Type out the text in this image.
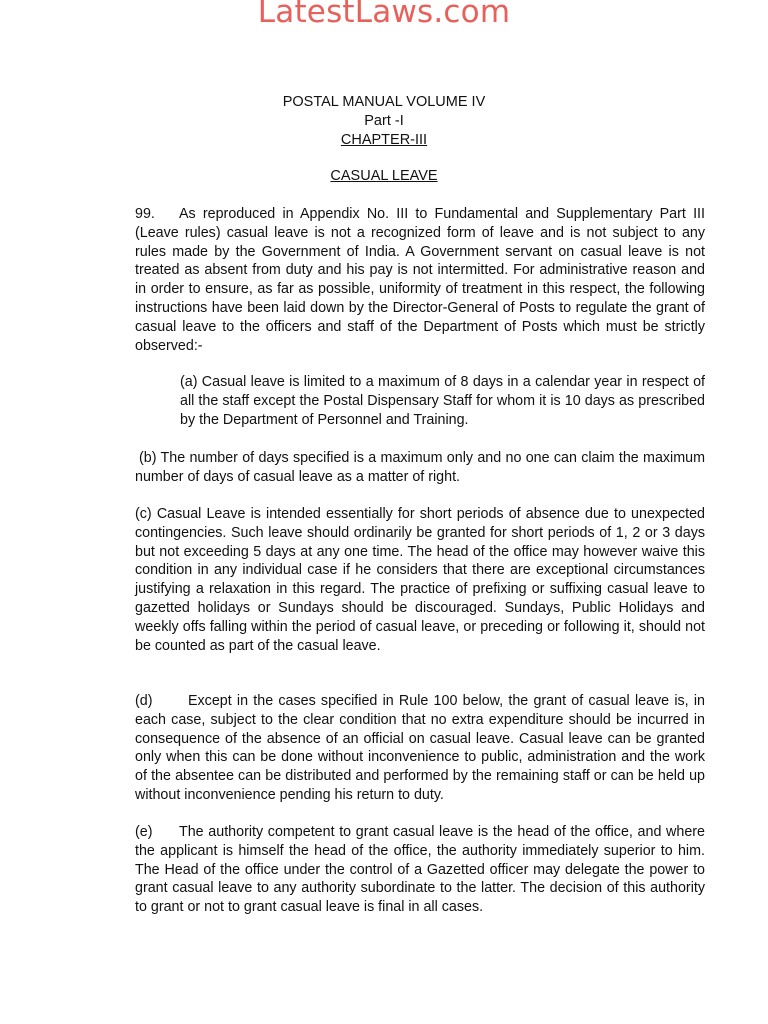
LatestLaws.com
POSTAL MANUAL VOLUME IV
Part -I
CHAPTER-III
CASUAL LEAVE
99. As reproduced in Appendix No. III to Fundamental and Supplementary Part III (Leave rules) casual leave is not a recognized form of leave and is not subject to any rules made by the Government of India. A Government servant on casual leave is not treated as absent from duty and his pay is not intermitted. For administrative reason and in order to ensure, as far as possible, uniformity of treatment in this respect, the following instructions have been laid down by the Director-General of Posts to regulate the grant of casual leave to the officers and staff of the Department of Posts which must be strictly observed:-
(a) Casual leave is limited to a maximum of 8 days in a calendar year in respect of all the staff except the Postal Dispensary Staff for whom it is 10 days as prescribed by the Department of Personnel and Training.
(b) The number of days specified is a maximum only and no one can claim the maximum number of days of casual leave as a matter of right.
(c) Casual Leave is intended essentially for short periods of absence due to unexpected contingencies. Such leave should ordinarily be granted for short periods of 1, 2 or 3 days but not exceeding 5 days at any one time. The head of the office may however waive this condition in any individual case if he considers that there are exceptional circumstances justifying a relaxation in this regard. The practice of prefixing or suffixing casual leave to gazetted holidays or Sundays should be discouraged. Sundays, Public Holidays and weekly offs falling within the period of casual leave, or preceding or following it, should not be counted as part of the casual leave.
(d) Except in the cases specified in Rule 100 below, the grant of casual leave is, in each case, subject to the clear condition that no extra expenditure should be incurred in consequence of the absence of an official on casual leave. Casual leave can be granted only when this can be done without inconvenience to public, administration and the work of the absentee can be distributed and performed by the remaining staff or can be held up without inconvenience pending his return to duty.
(e) The authority competent to grant casual leave is the head of the office, and where the applicant is himself the head of the office, the authority immediately superior to him. The Head of the office under the control of a Gazetted officer may delegate the power to grant casual leave to any authority subordinate to the latter. The decision of this authority to grant or not to grant casual leave is final in all cases.
